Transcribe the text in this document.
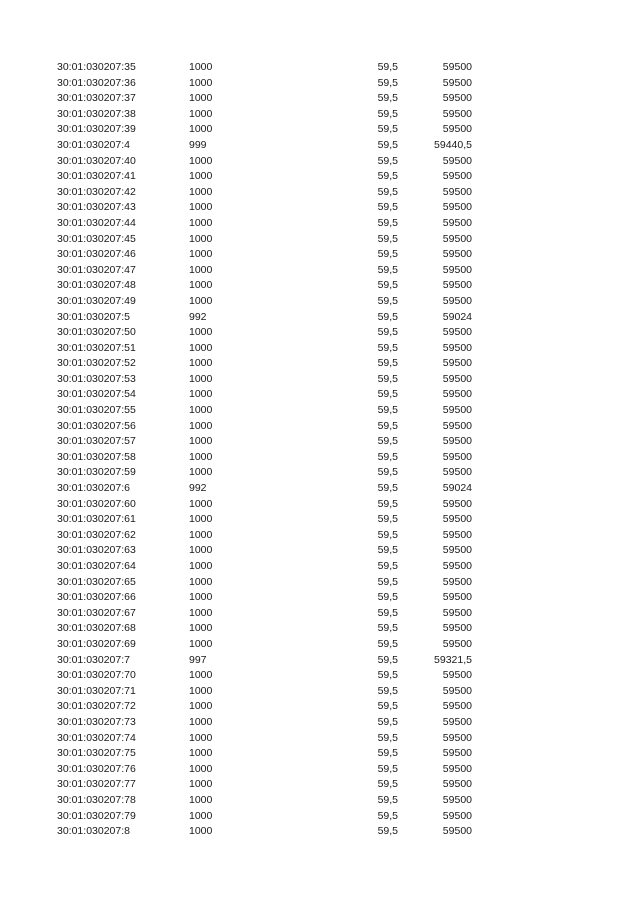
30:01:030207:35	1000	59,5	59500
30:01:030207:36	1000	59,5	59500
30:01:030207:37	1000	59,5	59500
30:01:030207:38	1000	59,5	59500
30:01:030207:39	1000	59,5	59500
30:01:030207:4	999	59,5	59440,5
30:01:030207:40	1000	59,5	59500
30:01:030207:41	1000	59,5	59500
30:01:030207:42	1000	59,5	59500
30:01:030207:43	1000	59,5	59500
30:01:030207:44	1000	59,5	59500
30:01:030207:45	1000	59,5	59500
30:01:030207:46	1000	59,5	59500
30:01:030207:47	1000	59,5	59500
30:01:030207:48	1000	59,5	59500
30:01:030207:49	1000	59,5	59500
30:01:030207:5	992	59,5	59024
30:01:030207:50	1000	59,5	59500
30:01:030207:51	1000	59,5	59500
30:01:030207:52	1000	59,5	59500
30:01:030207:53	1000	59,5	59500
30:01:030207:54	1000	59,5	59500
30:01:030207:55	1000	59,5	59500
30:01:030207:56	1000	59,5	59500
30:01:030207:57	1000	59,5	59500
30:01:030207:58	1000	59,5	59500
30:01:030207:59	1000	59,5	59500
30:01:030207:6	992	59,5	59024
30:01:030207:60	1000	59,5	59500
30:01:030207:61	1000	59,5	59500
30:01:030207:62	1000	59,5	59500
30:01:030207:63	1000	59,5	59500
30:01:030207:64	1000	59,5	59500
30:01:030207:65	1000	59,5	59500
30:01:030207:66	1000	59,5	59500
30:01:030207:67	1000	59,5	59500
30:01:030207:68	1000	59,5	59500
30:01:030207:69	1000	59,5	59500
30:01:030207:7	997	59,5	59321,5
30:01:030207:70	1000	59,5	59500
30:01:030207:71	1000	59,5	59500
30:01:030207:72	1000	59,5	59500
30:01:030207:73	1000	59,5	59500
30:01:030207:74	1000	59,5	59500
30:01:030207:75	1000	59,5	59500
30:01:030207:76	1000	59,5	59500
30:01:030207:77	1000	59,5	59500
30:01:030207:78	1000	59,5	59500
30:01:030207:79	1000	59,5	59500
30:01:030207:8	1000	59,5	59500
